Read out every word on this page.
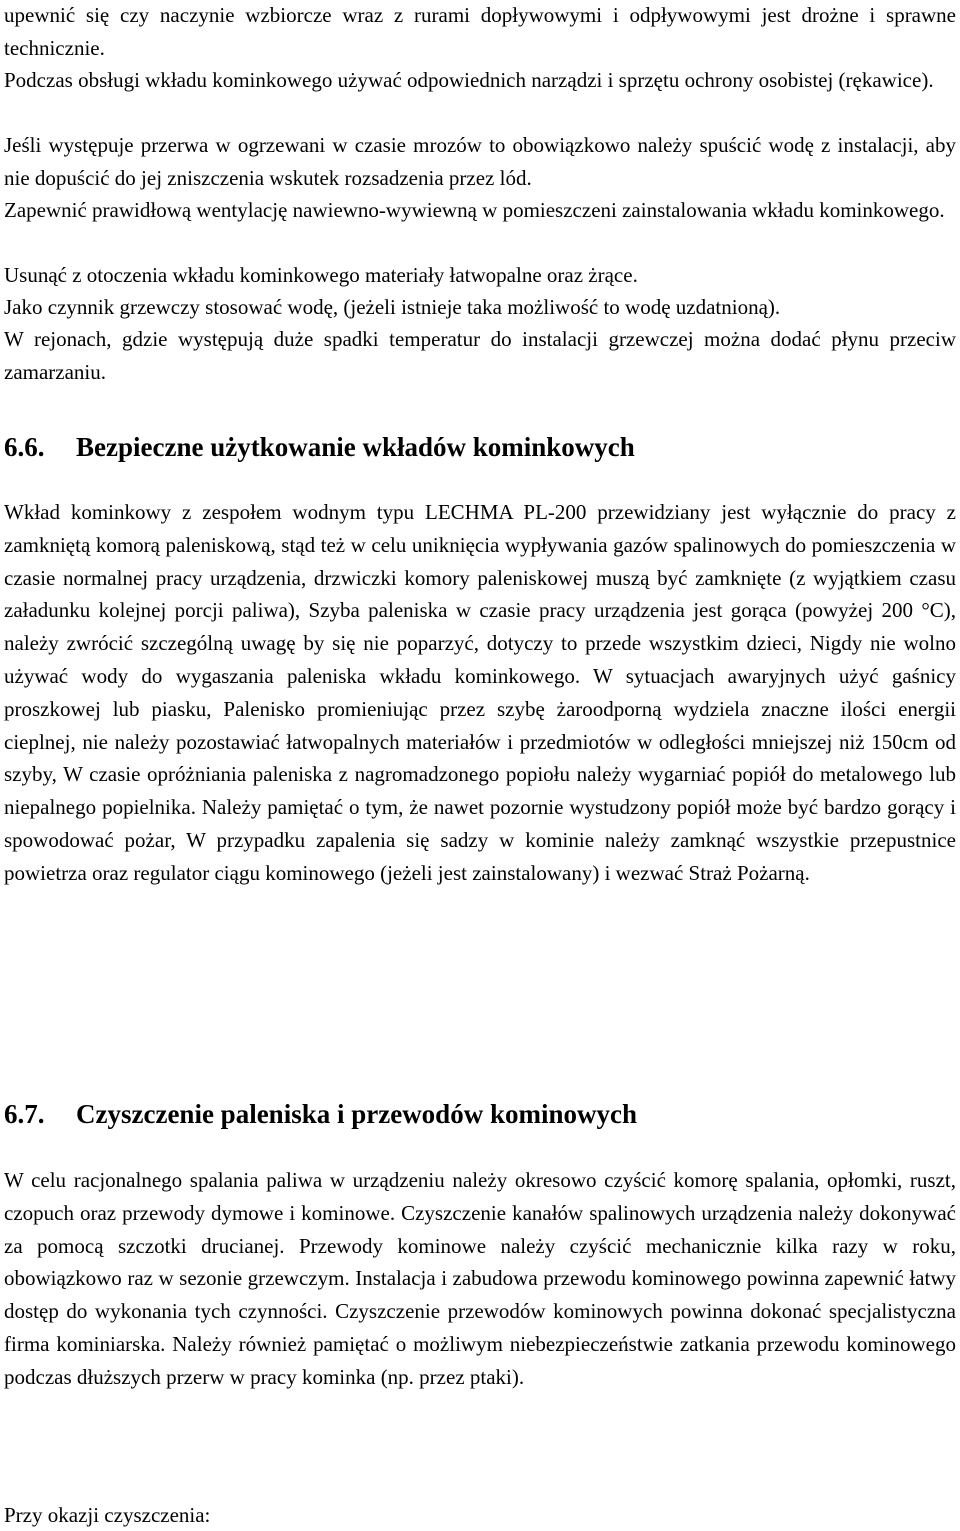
upewnić się czy naczynie wzbiorcze wraz z rurami dopływowymi i odpływowymi jest drożne i sprawne technicznie.

Podczas obsługi wkładu kominkowego używać odpowiednich narządzi i sprzętu ochrony osobistej (rękawice).

Jeśli występuje przerwa w ogrzewani w czasie mrozów to obowiązkowo należy spuścić wodę z instalacji, aby nie dopuścić do jej zniszczenia wskutek rozsadzenia przez lód.

Zapewnić prawidłową wentylację nawiewno-wywiewną w pomieszczeni zainstalowania wkładu kominkowego.

Usunąć z otoczenia wkładu kominkowego materiały łatwopalne oraz żrące.

Jako czynnik grzewczy stosować wodę, (jeżeli istnieje taka możliwość to wodę uzdatnioną).

W rejonach, gdzie występują duże spadki temperatur do instalacji grzewczej można dodać płynu przeciw zamarzaniu.

6.6. Bezpieczne użytkowanie wkładów kominkowych

Wkład kominkowy z zespołem wodnym typu LECHMA PL-200 przewidziany jest wyłącznie do pracy z zamkniętą komorą paleniskową, stąd też w celu uniknięcia wypływania gazów spalinowych do pomieszczenia w czasie normalnej pracy urządzenia, drzwiczki komory paleniskowej muszą być zamknięte (z wyjątkiem czasu załadunku kolejnej porcji paliwa), Szyba paleniska w czasie pracy urządzenia jest gorąca (powyżej 200 °C), należy zwrócić szczególną uwagę by się nie poparzyć, dotyczy to przede wszystkim dzieci, Nigdy nie wolno używać wody do wygaszania paleniska wkładu kominkowego. W sytuacjach awaryjnych użyć gaśnicy proszkowej lub piasku, Palenisko promieniując przez szybę żaroodporną wydziela znaczne ilości energii cieplnej, nie należy pozostawiać łatwopalnych materiałów i przedmiotów w odległości mniejszej niż 150cm od szyby, W czasie opróżniania paleniska z nagromadzonego popiołu należy wygarniać popiół do metalowego lub niepalnego popielnika. Należy pamiętać o tym, że nawet pozornie wystudzony popiół może być bardzo gorący i spowodować pożar, W przypadku zapalenia się sadzy w kominie należy zamknąć wszystkie przepustnice powietrza oraz regulator ciągu kominowego (jeżeli jest zainstalowany) i wezwać Straż Pożarną.

6.7. Czyszczenie paleniska i przewodów kominowych

W celu racjonalnego spalania paliwa w urządzeniu należy okresowo czyścić komorę spalania, opłomki, ruszt, czopuch oraz przewody dymowe i kominowe. Czyszczenie kanałów spalinowych urządzenia należy dokonywać za pomocą szczotki drucianej. Przewody kominowe należy czyścić mechanicznie kilka razy w roku, obowiązkowo raz w sezonie grzewczym. Instalacja i zabudowa przewodu kominowego powinna zapewnić łatwy dostęp do wykonania tych czynności. Czyszczenie przewodów kominowych powinna dokonać specjalistyczna firma kominiarska. Należy również pamiętać o możliwym niebezpieczeństwie zatkania przewodu kominowego podczas dłuższych przerw w pracy kominka (np. przez ptaki).

Przy okazji czyszczenia:
